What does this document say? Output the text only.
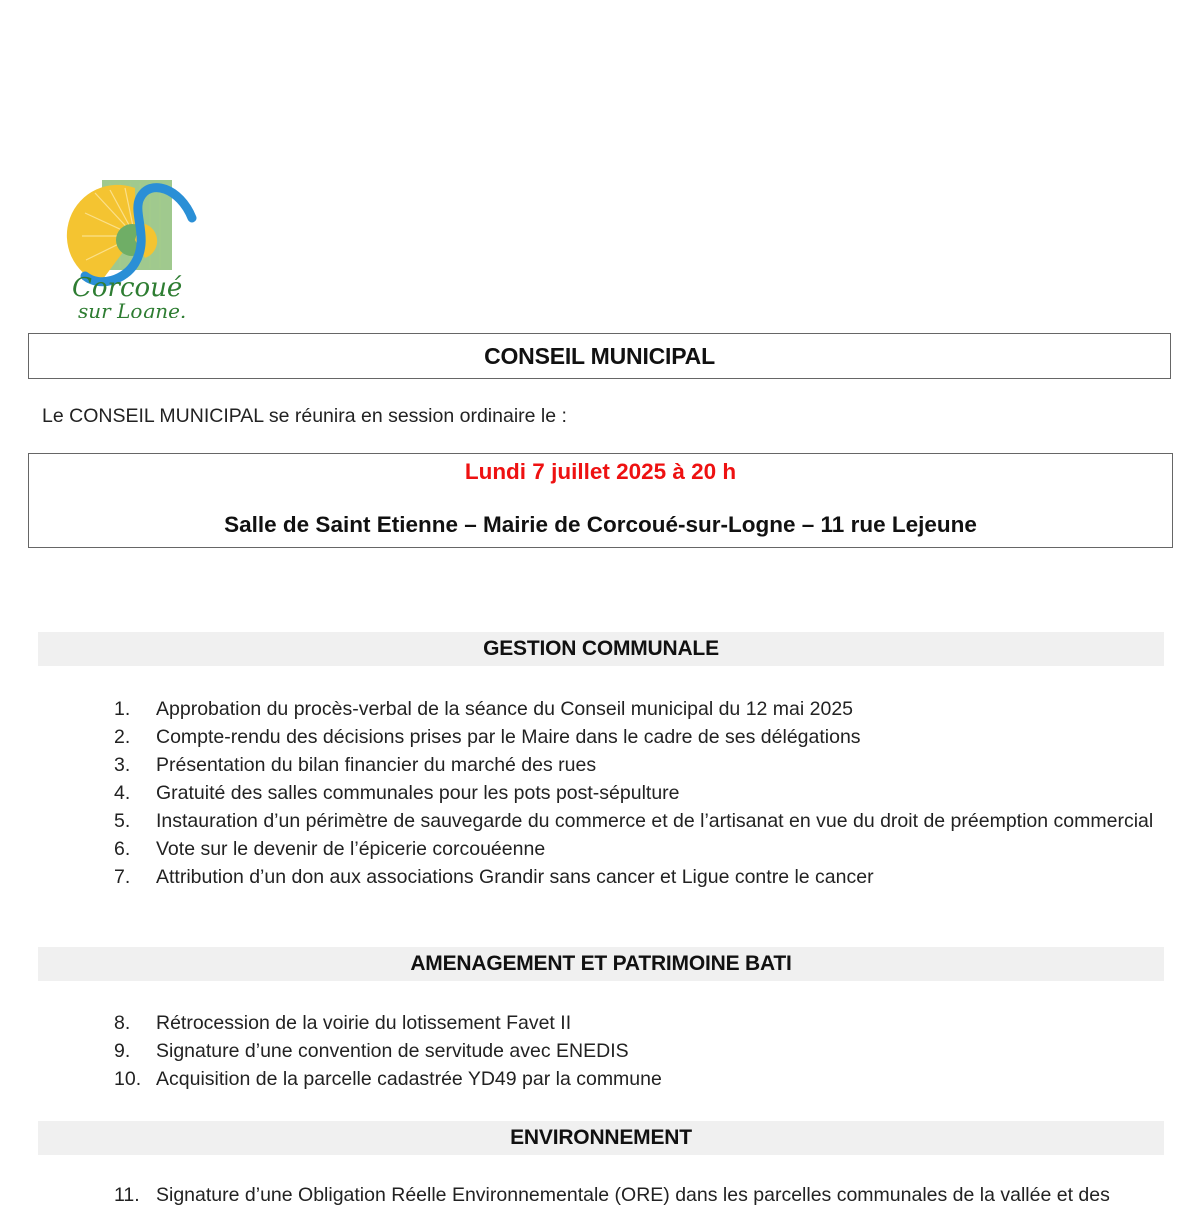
Corcoué
sur Logne.
CONSEIL MUNICIPAL
Le CONSEIL MUNICIPAL se réunira en session ordinaire le :
Lundi 7 juillet 2025 à 20 h
Salle de Saint Etienne – Mairie de Corcoué-sur-Logne – 11 rue Lejeune
GESTION COMMUNALE
1.	Approbation du procès-verbal de la séance du Conseil municipal du 12 mai 2025
2.	Compte-rendu des décisions prises par le Maire dans le cadre de ses délégations
3.	Présentation du bilan financier du marché des rues
4.	Gratuité des salles communales pour les pots post-sépulture
5.	Instauration d’un périmètre de sauvegarde du commerce et de l’artisanat en vue du droit de préemption commercial
6.	Vote sur le devenir de l’épicerie corcouéenne
7.	Attribution d’un don aux associations Grandir sans cancer et Ligue contre le cancer
AMENAGEMENT ET PATRIMOINE BATI
8.	Rétrocession de la voirie du lotissement Favet II
9.	Signature d’une convention de servitude avec ENEDIS
10. Acquisition de la parcelle cadastrée YD49 par la commune
ENVIRONNEMENT
11. Signature d’une Obligation Réelle Environnementale (ORE) dans les parcelles communales de la vallée et des
